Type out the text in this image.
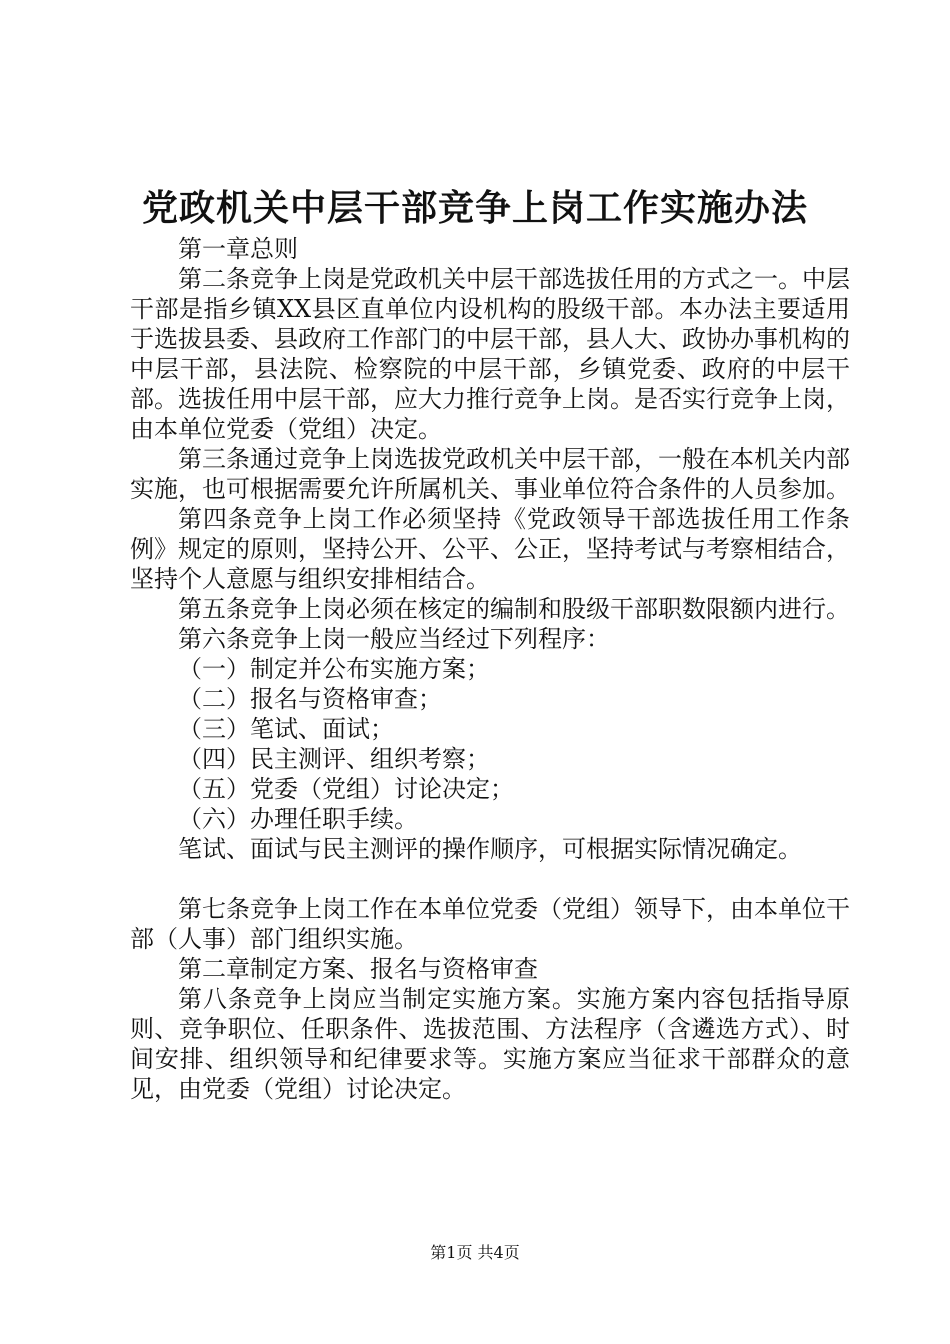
党政机关中层干部竞争上岗工作实施办法

第一章总则

第二条竞争上岗是党政机关中层干部选拔任用的方式之一。中层干部是指乡镇XX县区直单位内设机构的股级干部。本办法主要适用于选拔县委、县政府工作部门的中层干部，县人大、政协办事机构的中层干部，县法院、检察院的中层干部，乡镇党委、政府的中层干部。选拔任用中层干部，应大力推行竞争上岗。是否实行竞争上岗，由本单位党委（党组）决定。

第三条通过竞争上岗选拔党政机关中层干部，一般在本机关内部实施，也可根据需要允许所属机关、事业单位符合条件的人员参加。

第四条竞争上岗工作必须坚持《党政领导干部选拔任用工作条例》规定的原则，坚持公开、公平、公正，坚持考试与考察相结合，坚持个人意愿与组织安排相结合。

第五条竞争上岗必须在核定的编制和股级干部职数限额内进行。

第六条竞争上岗一般应当经过下列程序：

（一）制定并公布实施方案；

（二）报名与资格审查；

（三）笔试、面试；

（四）民主测评、组织考察；

（五）党委（党组）讨论决定；

（六）办理任职手续。

笔试、面试与民主测评的操作顺序，可根据实际情况确定。

第七条竞争上岗工作在本单位党委（党组）领导下，由本单位干部（人事）部门组织实施。

第二章制定方案、报名与资格审查

第八条竞争上岗应当制定实施方案。实施方案内容包括指导原则、竞争职位、任职条件、选拔范围、方法程序（含遴选方式）、时间安排、组织领导和纪律要求等。实施方案应当征求干部群众的意见，由党委（党组）讨论决定。

第1页 共4页
